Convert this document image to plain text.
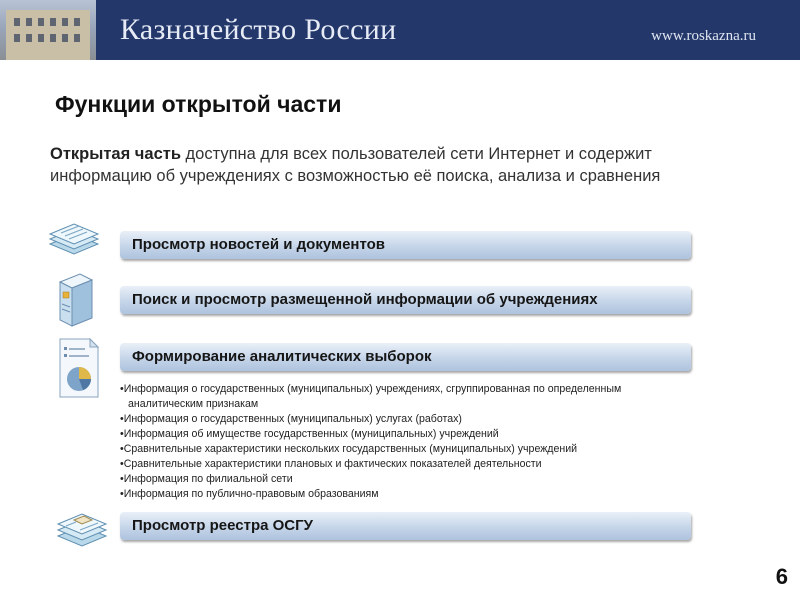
Казначейство России	www.roskazna.ru
Функции открытой части
Открытая часть доступна для всех пользователей сети Интернет и содержит
информацию об учреждениях с возможностью её поиска, анализа и сравнения
Просмотр новостей и документов
Поиск и просмотр размещенной информации об учреждениях
Формирование аналитических выборок
•Информация о государственных (муниципальных) учреждениях, сгруппированная по определенным
аналитическим признакам
•Информация о государственных (муниципальных) услугах (работах)
•Информация об имуществе государственных (муниципальных) учреждений
•Сравнительные характеристики нескольких государственных (муниципальных) учреждений
•Сравнительные характеристики плановых и фактических показателей деятельности
•Информация по филиальной сети
•Информация по публично-правовым образованиям
Просмотр реестра ОСГУ
6
